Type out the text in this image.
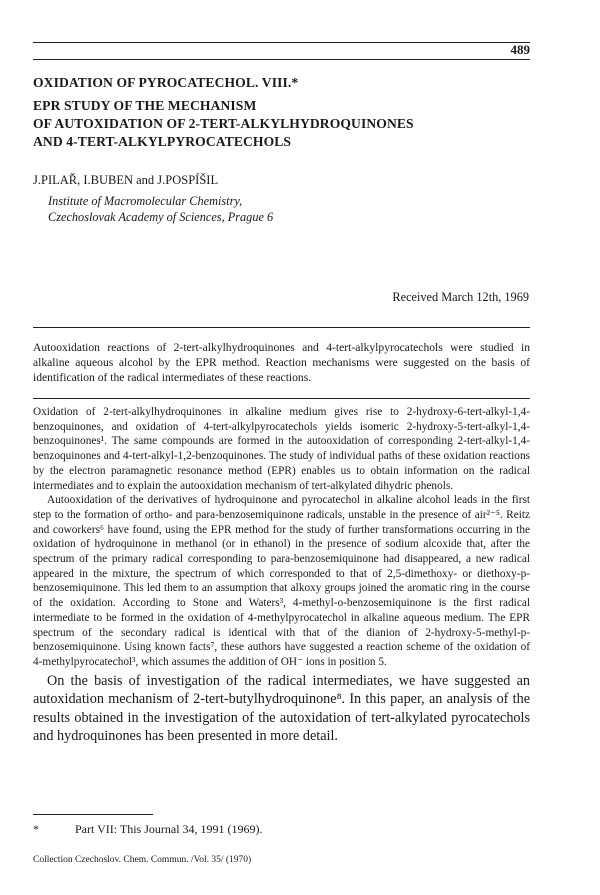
489
OXIDATION OF PYROCATECHOL. VIII.*
EPR STUDY OF THE MECHANISM
OF AUTOXIDATION OF 2-TERT-ALKYLHYDROQUINONES
AND 4-TERT-ALKYLPYROCATECHOLS
J.PILAŘ, I.BUBEN and J.POSPÍŠIL
Institute of Macromolecular Chemistry,
Czechoslovak Academy of Sciences, Prague 6
Received March 12th, 1969
Autooxidation reactions of 2-tert-alkylhydroquinones and 4-tert-alkylpyrocatechols were studied in alkaline aqueous alcohol by the EPR method. Reaction mechanisms were suggested on the basis of identification of the radical intermediates of these reactions.

Oxidation of 2-tert-alkylhydroquinones in alkaline medium gives rise to 2-hydroxy-6-tert-alkyl-1,4-benzoquinones, and oxidation of 4-tert-alkylpyrocatechols yields isomeric 2-hydroxy-5-tert-alkyl-1,4-benzoquinones¹. The same compounds are formed in the autooxidation of corresponding 2-tert-alkyl-1,4-benzoquinones and 4-tert-alkyl-1,2-benzoquinones. The study of individual paths of these oxidation reactions by the electron paramagnetic resonance method (EPR) enables us to obtain information on the radical intermediates and to explain the autooxidation mechanism of tert-alkylated dihydric phenols.

Autooxidation of the derivatives of hydroquinone and pyrocatechol in alkaline alcohol leads in the first step to the formation of ortho- and para-benzosemiquinone radicals, unstable in the presence of air²⁻⁵. Reitz and coworkers⁶ have found, using the EPR method for the study of further transformations occurring in the oxidation of hydroquinone in methanol (or in ethanol) in the presence of sodium alcoxide that, after the spectrum of the primary radical corresponding to para-benzosemiquinone had disappeared, a new radical appeared in the mixture, the spectrum of which corresponded to that of 2,5-dimethoxy- or diethoxy-p-benzosemiquinone. This led them to an assumption that alkoxy groups joined the aromatic ring in the course of the oxidation. According to Stone and Waters³, 4-methyl-o-benzosemiquinone is the first radical intermediate to be formed in the oxidation of 4-methylpyrocatechol in alkaline aqueous medium. The EPR spectrum of the secondary radical is identical with that of the dianion of 2-hydroxy-5-methyl-p-benzosemiquinone. Using known facts⁷, these authors have suggested a reaction scheme of the oxidation of 4-methylpyrocatechol³, which assumes the addition of OH⁻ ions in position 5.

On the basis of investigation of the radical intermediates, we have suggested an autoxidation mechanism of 2-tert-butylhydroquinone⁸. In this paper, an analysis of the results obtained in the investigation of the autoxidation of tert-alkylated pyrocatechols and hydroquinones has been presented in more detail.

*	Part VII: This Journal 34, 1991 (1969).
Collection Czechoslov. Chem. Commun. /Vol. 35/ (1970)
